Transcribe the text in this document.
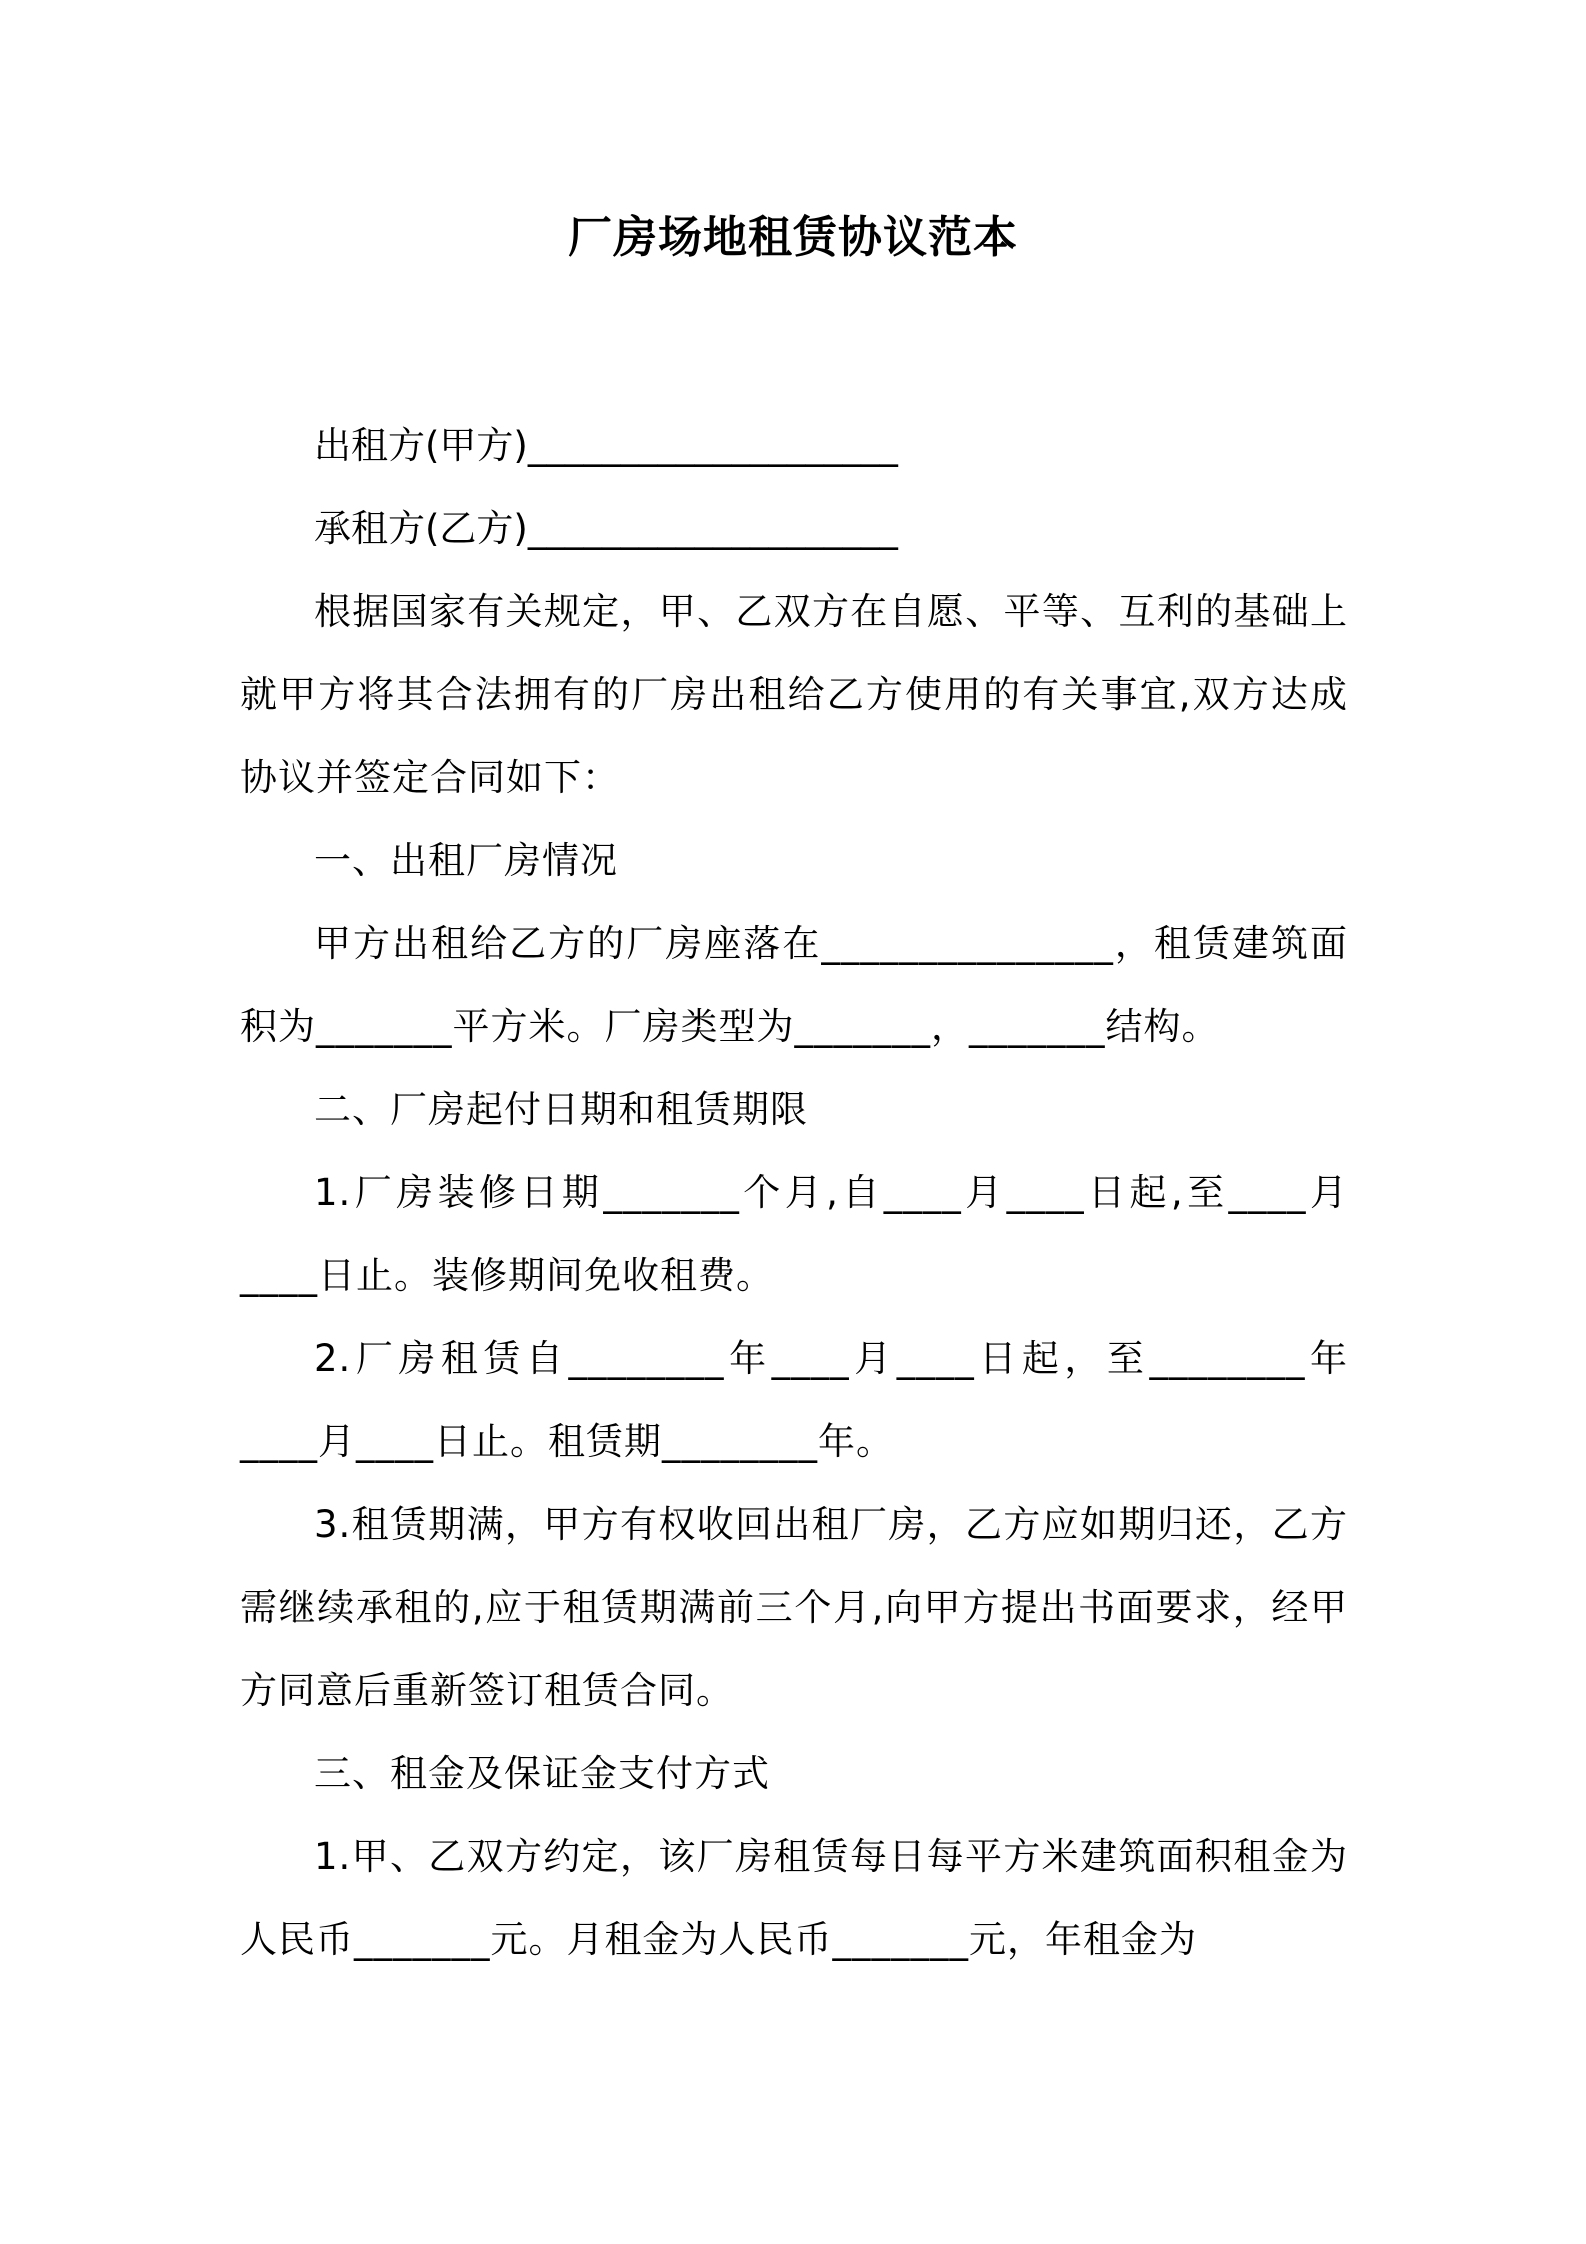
厂房场地租赁协议范本

出租方(甲方)____________________

承租方(乙方)____________________

根据国家有关规定，甲、乙双方在自愿、平等、互利的基础上就甲方将其合法拥有的厂房出租给乙方使用的有关事宜,双方达成协议并签定合同如下：

一、出租厂房情况

甲方出租给乙方的厂房座落在_______________，租赁建筑面积为_______平方米。厂房类型为_______，_______结构。

二、厂房起付日期和租赁期限

1.厂房装修日期_______个月,自____月____日起,至____月____日止。装修期间免收租费。

2.厂房租赁自________年____月____日起，至________年____月____日止。租赁期________年。

3.租赁期满，甲方有权收回出租厂房，乙方应如期归还，乙方需继续承租的,应于租赁期满前三个月,向甲方提出书面要求，经甲方同意后重新签订租赁合同。

三、租金及保证金支付方式

1.甲、乙双方约定，该厂房租赁每日每平方米建筑面积租金为人民币_______元。月租金为人民币_______元，年租金为
